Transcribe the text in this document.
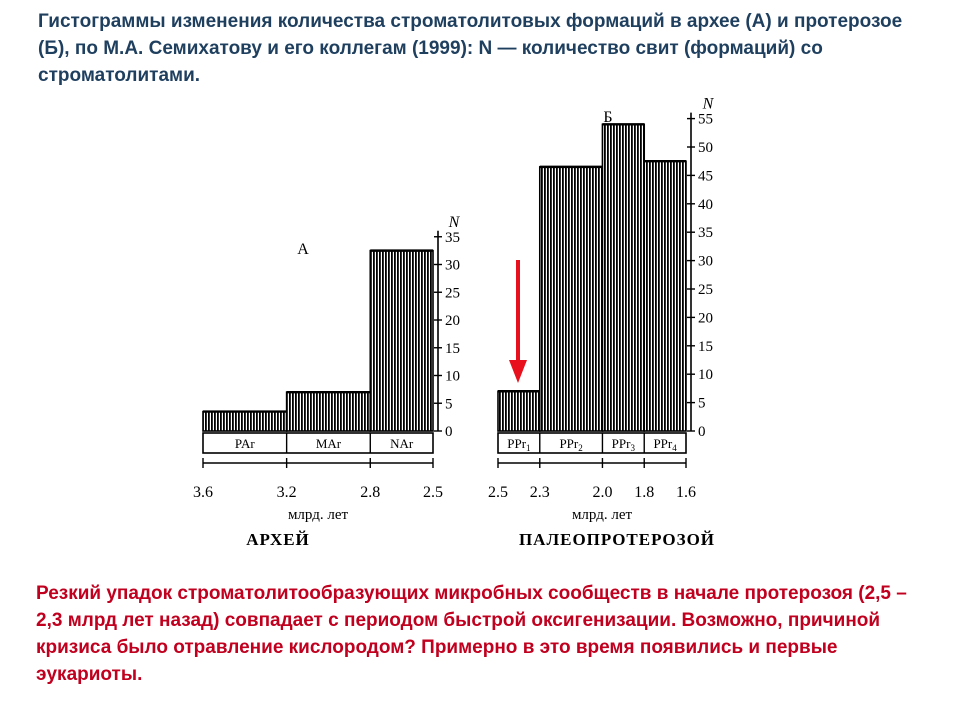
Гистограммы изменения количества строматолитовых формаций в архее (А) и протерозое (Б), по М.А. Семихатову и его коллегам (1999): N — количество свит (формаций) со строматолитами.
PAr	MAr	NAr
3.6	3.2	2.8	2.5
млрд. лет
АРХЕЙ
0
5
10
15
20
25
30
35
N
А
PPr$_1$ PPr$_2$ PPr$_3$ PPr$_4$
2.5 2.3	2.0 1.8 1.6
млрд. лет
ПАЛЕОПРОТЕРОЗОЙ
0
5
10
15
20
25
30
35
40
45
50
55
N
Б
Резкий упадок строматолитообразующих микробных сообществ в начале протерозоя (2,5 – 2,3 млрд лет назад) совпадает с периодом быстрой оксигенизации. Возможно, причиной кризиса было отравление кислородом? Примерно в это время появились и первые эукариоты.
